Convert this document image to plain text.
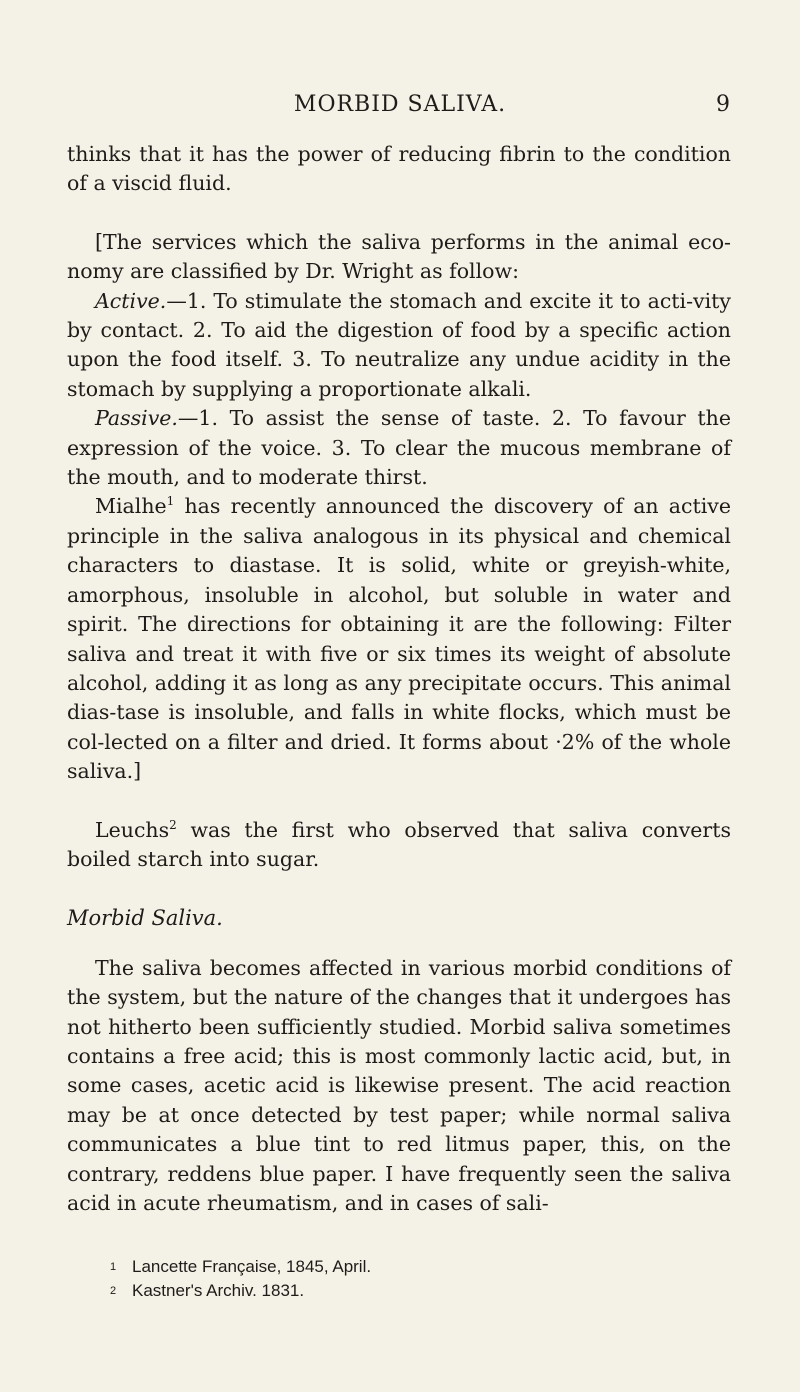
MORBID SALIVA.	9

thinks that it has the power of reducing fibrin to the condition of a viscid fluid.

[The services which the saliva performs in the animal eco-nomy are classified by Dr. Wright as follow:

Active.—1. To stimulate the stomach and excite it to acti-vity by contact. 2. To aid the digestion of food by a specific action upon the food itself. 3. To neutralize any undue acidity in the stomach by supplying a proportionate alkali.

Passive.—1. To assist the sense of taste. 2. To favour the expression of the voice. 3. To clear the mucous membrane of the mouth, and to moderate thirst.

Mialhe$^1$ has recently announced the discovery of an active principle in the saliva analogous in its physical and chemical characters to diastase. It is solid, white or greyish-white, amorphous, insoluble in alcohol, but soluble in water and spirit. The directions for obtaining it are the following: Filter saliva and treat it with five or six times its weight of absolute alcohol, adding it as long as any precipitate occurs. This animal dias-tase is insoluble, and falls in white flocks, which must be col-lected on a filter and dried. It forms about ·2% of the whole saliva.]

Leuchs$^2$ was the first who observed that saliva converts boiled starch into sugar.

Morbid Saliva.

The saliva becomes affected in various morbid conditions of the system, but the nature of the changes that it undergoes has not hitherto been sufficiently studied. Morbid saliva sometimes contains a free acid; this is most commonly lactic acid, but, in some cases, acetic acid is likewise present. The acid reaction may be at once detected by test paper; while normal saliva communicates a blue tint to red litmus paper, this, on the contrary, reddens blue paper. I have frequently seen the saliva acid in acute rheumatism, and in cases of sali-

1 Lancette Française, 1845, April.

2 Kastner's Archiv. 1831.
